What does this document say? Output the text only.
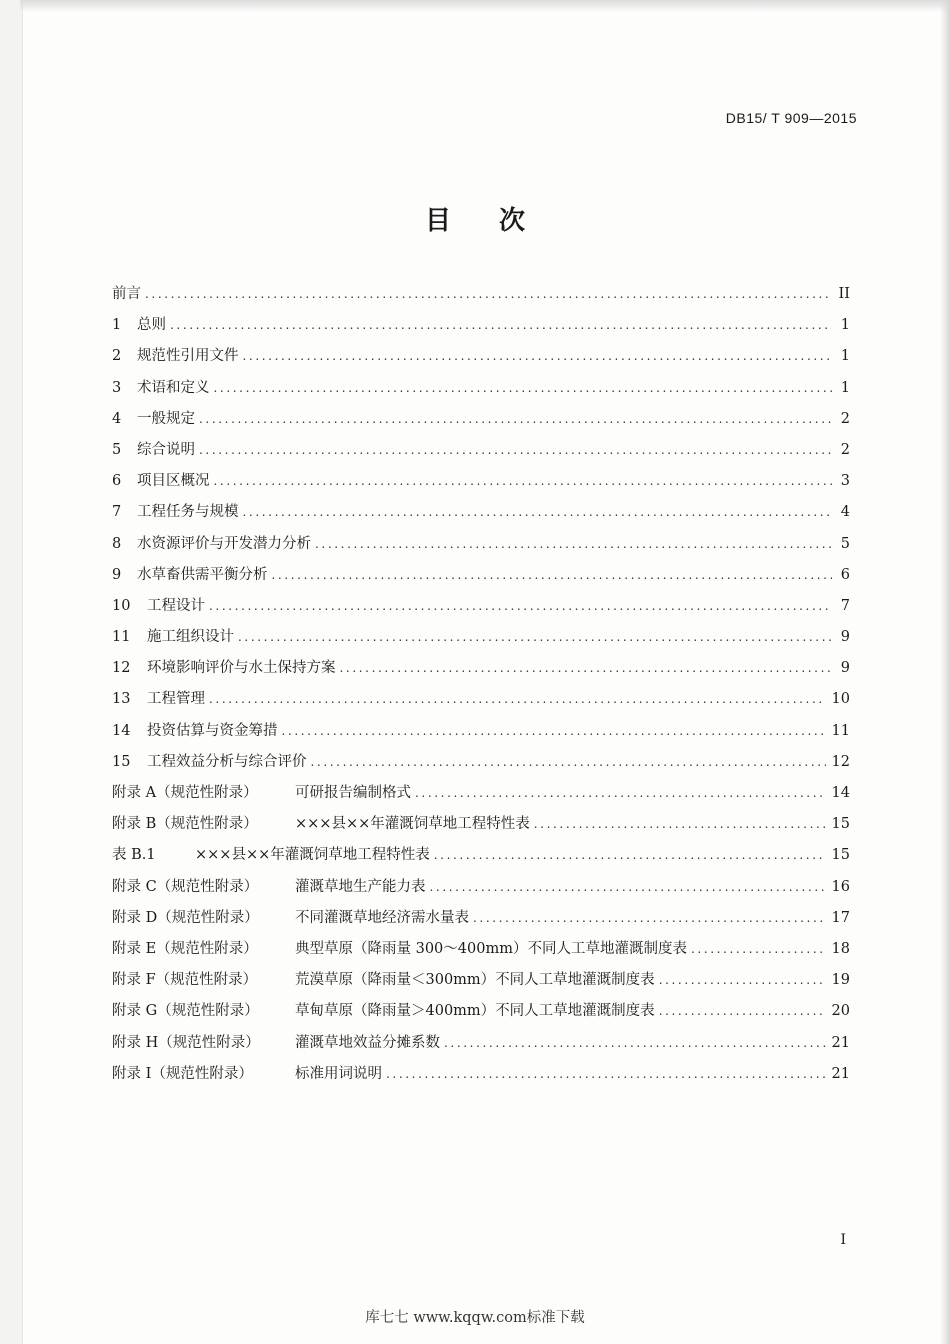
DB15/ T 909—2015
目 次
前言 .....	II
1	总则 .....	1
2	规范性引用文件 .....	1
3	术语和定义 .....	1
4	一般规定 .....	2
5	综合说明 .....	2
6	项目区概况 .....	3
7	工程任务与规模 .....	4
8	水资源评价与开发潜力分析 .....	5
9	水草畜供需平衡分析 .....	6
10	工程设计 .....	7
11	施工组织设计 .....	9
12	环境影响评价与水土保持方案 .....	9
13	工程管理 .....	10
14	投资估算与资金筹措 .....	11
15	工程效益分析与综合评价 .....	12
附录 A（规范性附录）	可研报告编制格式 .....	14
附录 B（规范性附录）	×××县××年灌溉饲草地工程特性表 .....	15
表 B.1	×××县××年灌溉饲草地工程特性表 .....	15
附录 C（规范性附录）	灌溉草地生产能力表 .....	16
附录 D（规范性附录）	不同灌溉草地经济需水量表 .....	17
附录 E（规范性附录）	典型草原（降雨量 300～400mm）不同人工草地灌溉制度表 .....	18
附录 F（规范性附录）	荒漠草原（降雨量＜300mm）不同人工草地灌溉制度表 .....	19
附录 G（规范性附录）	草甸草原（降雨量＞400mm）不同人工草地灌溉制度表 .....	20
附录 H（规范性附录）	灌溉草地效益分摊系数 .....	21
附录 I（规范性附录）	标准用词说明 .....	21
I
库七七 www.kqqw.com标准下载
